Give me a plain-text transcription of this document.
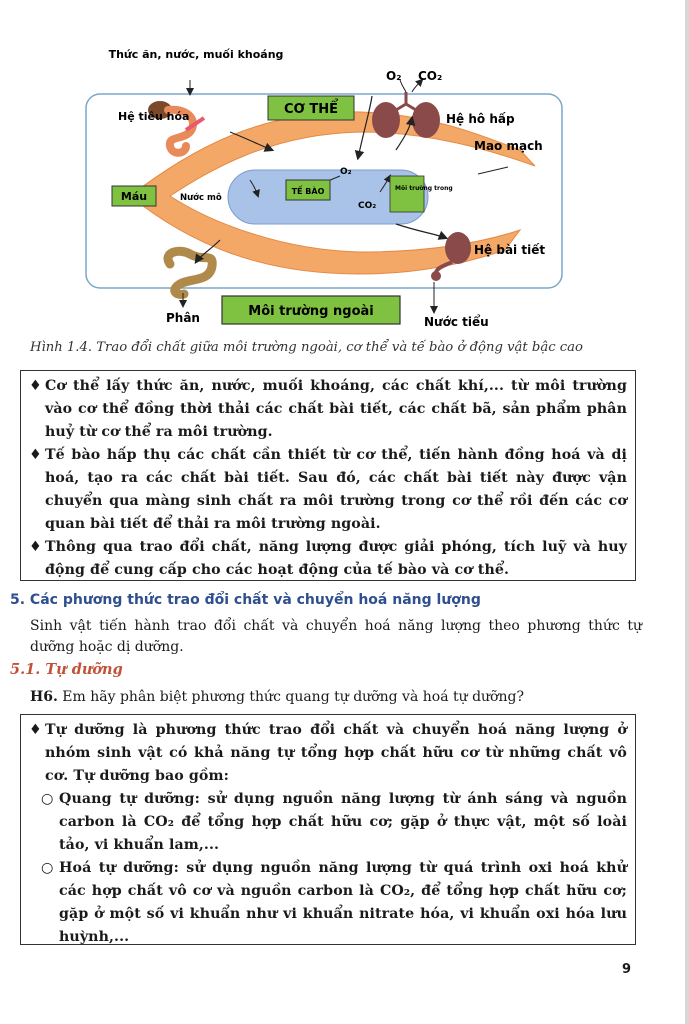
Thức ăn, nước, muối khoáng
O₂ CO₂
CƠ THỂ
Hệ hô hấp
Hệ tiêu hóa
Mao mạch
Máu	Nước mô
TẾ BÀO	Môi trường trong
O₂
CO₂
Hệ bài tiết
Phân	Môi trường ngoài
Nước tiểu
Hình 1.4. Trao đổi chất giữa môi trường ngoài, cơ thể và tế bào ở động vật bậc cao
♦ Cơ thể lấy thức ăn, nước, muối khoáng, các chất khí,... từ môi trường vào cơ thể đồng thời thải các chất bài tiết, các chất bã, sản phẩm phân huỷ từ cơ thể ra môi trường.
♦ Tế bào hấp thụ các chất cần thiết từ cơ thể, tiến hành đồng hoá và dị hoá, tạo ra các chất bài tiết. Sau đó, các chất bài tiết này được vận chuyển qua màng sinh chất ra môi trường trong cơ thể rồi đến các cơ quan bài tiết để thải ra môi trường ngoài.
♦ Thông qua trao đổi chất, năng lượng được giải phóng, tích luỹ và huy động để cung cấp cho các hoạt động của tế bào và cơ thể.
5. Các phương thức trao đổi chất và chuyển hoá năng lượng
Sinh vật tiến hành trao đổi chất và chuyển hoá năng lượng theo phương thức tự dưỡng hoặc dị dưỡng.
5.1. Tự dưỡng
H6. Em hãy phân biệt phương thức quang tự dưỡng và hoá tự dưỡng?
♦ Tự dưỡng là phương thức trao đổi chất và chuyển hoá năng lượng ở nhóm sinh vật có khả năng tự tổng hợp chất hữu cơ từ những chất vô cơ. Tự dưỡng bao gồm:
○ Quang tự dưỡng: sử dụng nguồn năng lượng từ ánh sáng và nguồn carbon là CO₂ để tổng hợp chất hữu cơ; gặp ở thực vật, một số loài tảo, vi khuẩn lam,...
○ Hoá tự dưỡng: sử dụng nguồn năng lượng từ quá trình oxi hoá khử các hợp chất vô cơ và nguồn carbon là CO₂, để tổng hợp chất hữu cơ; gặp ở một số vi khuẩn như vi khuẩn nitrate hóa, vi khuẩn oxi hóa lưu huỳnh,...
9
